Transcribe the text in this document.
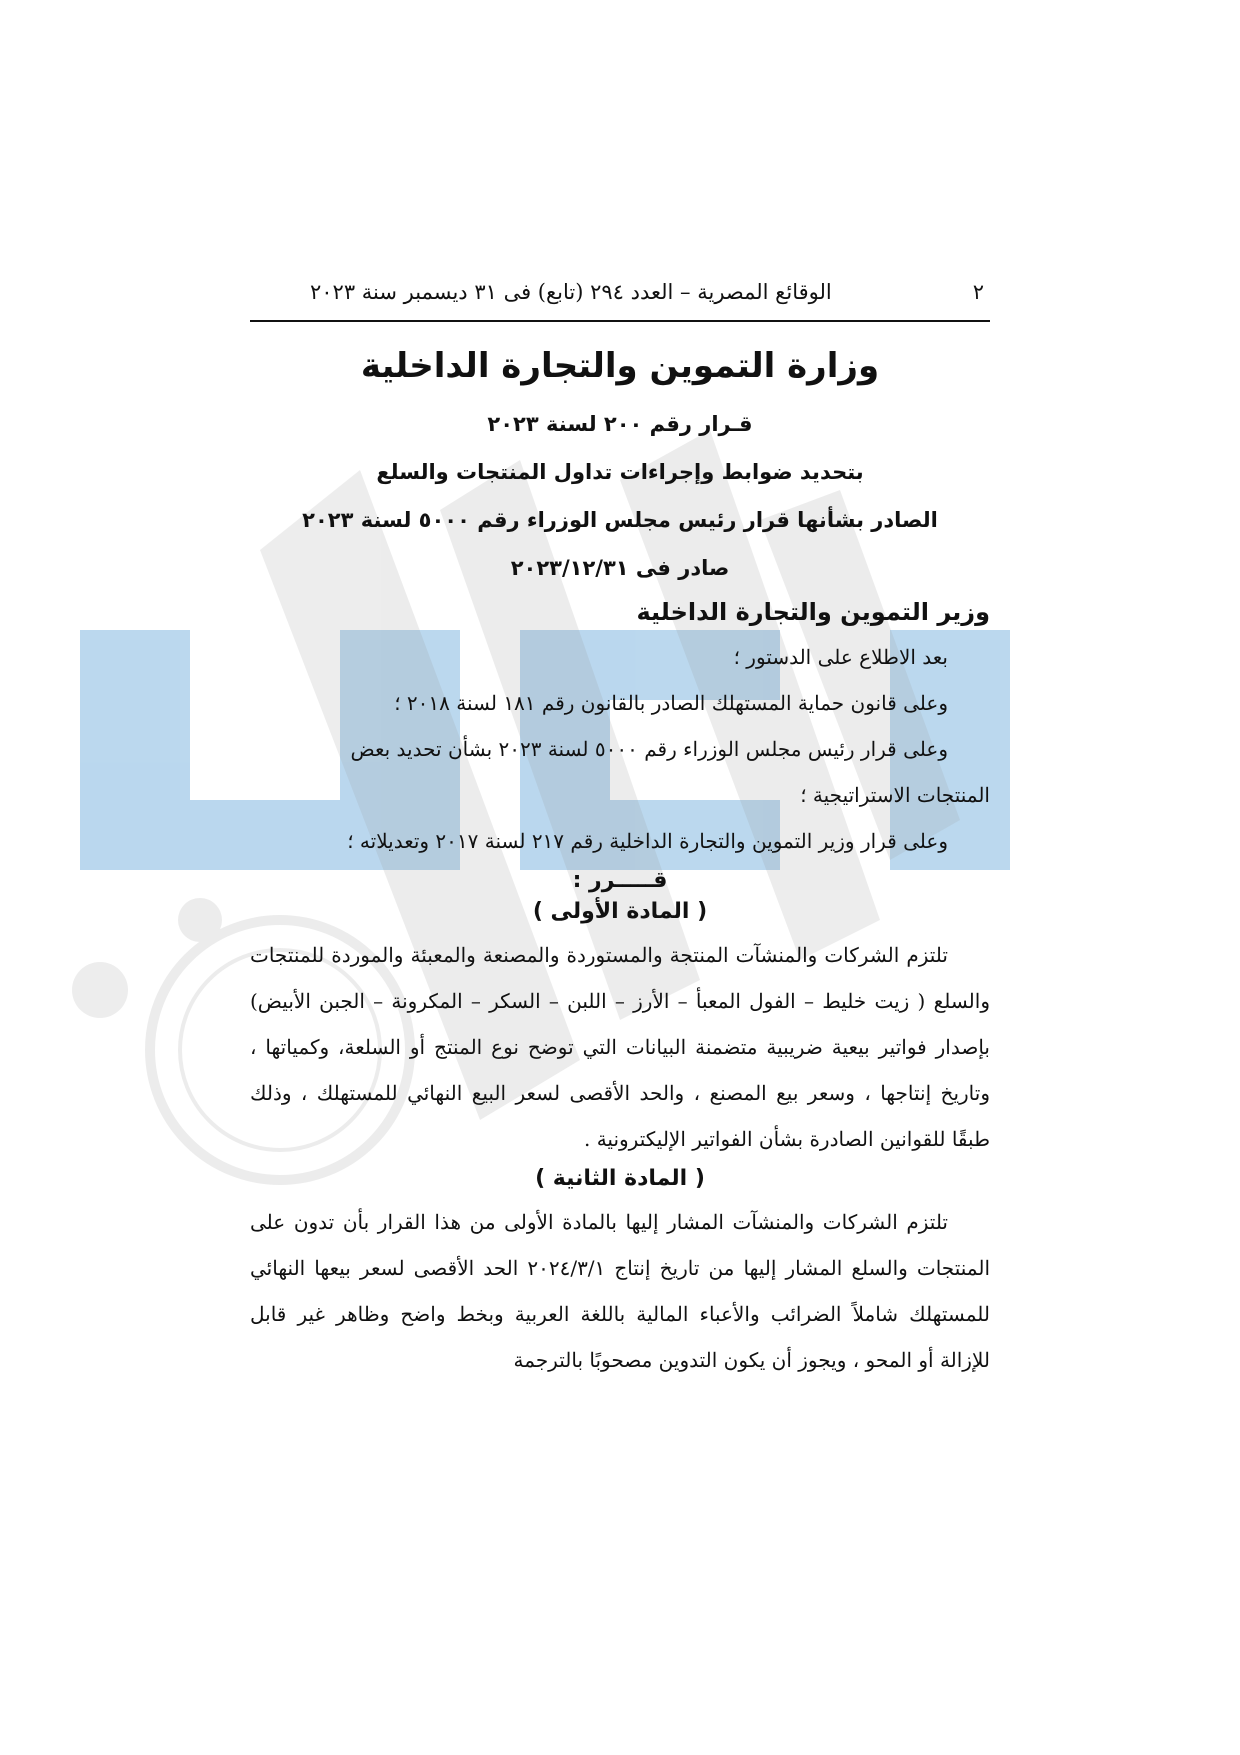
٢
الوقائع المصرية – العدد ٢٩٤ (تابع) فى ٣١ ديسمبر سنة ٢٠٢٣
وزارة التموين والتجارة الداخلية
قـرار رقم ٢٠٠ لسنة ٢٠٢٣
بتحديد ضوابط وإجراءات تداول المنتجات والسلع
الصادر بشأنها قرار رئيس مجلس الوزراء رقم ٥٠٠٠ لسنة ٢٠٢٣
صادر فى ٢٠٢٣/١٢/٣١
وزير التموين والتجارة الداخلية

بعد الاطلاع على الدستور ؛

وعلى قانون حماية المستهلك الصادر بالقانون رقم ١٨١ لسنة ٢٠١٨ ؛

وعلى قرار رئيس مجلس الوزراء رقم ٥٠٠٠ لسنة ٢٠٢٣ بشأن تحديد بعض

المنتجات الاستراتيجية ؛

وعلى قرار وزير التموين والتجارة الداخلية رقم ٢١٧ لسنة ٢٠١٧ وتعديلاته ؛

قـــــرر :
( المادة الأولى )

تلتزم الشركات والمنشآت المنتجة والمستوردة والمصنعة والمعبئة والموردة للمنتجات والسلع ( زيت خليط – الفول المعبأ – الأرز – اللبن – السكر – المكرونة – الجبن الأبيض) بإصدار فواتير بيعية ضريبية متضمنة البيانات التي توضح نوع المنتج أو السلعة، وكمياتها ، وتاريخ إنتاجها ، وسعر بيع المصنع ، والحد الأقصى لسعر البيع النهائي للمستهلك ، وذلك طبقًا للقوانين الصادرة بشأن الفواتير الإليكترونية .

( المادة الثانية )

تلتزم الشركات والمنشآت المشار إليها بالمادة الأولى من هذا القرار بأن تدون على المنتجات والسلع المشار إليها من تاريخ إنتاج ٢٠٢٤/٣/١ الحد الأقصى لسعر بيعها النهائي للمستهلك شاملاً الضرائب والأعباء المالية باللغة العربية وبخط واضح وظاهر غير قابل للإزالة أو المحو ، ويجوز أن يكون التدوين مصحوبًا بالترجمة
